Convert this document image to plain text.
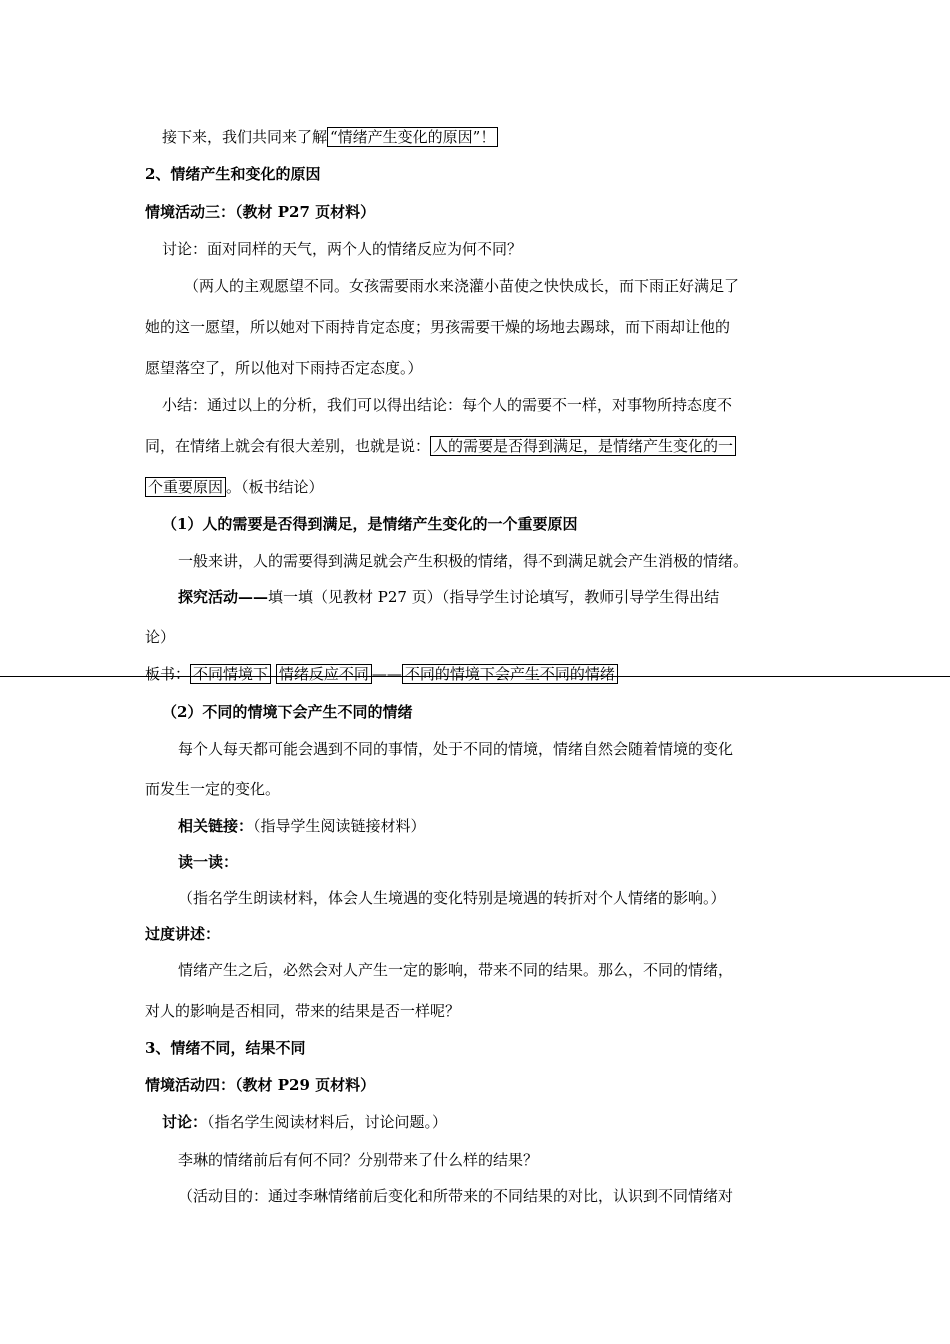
接下来，我们共同来了解 “情绪产生变化的原因”！
2、情绪产生和变化的原因
情境活动三：（教材 P27 页材料）
讨论：面对同样的天气，两个人的情绪反应为何不同？
（两人的主观愿望不同。女孩需要雨水来浇灌小苗使之快快成长，而下雨正好满足了
她的这一愿望，所以她对下雨持肯定态度；男孩需要干燥的场地去踢球，而下雨却让他的
愿望落空了，所以他对下雨持否定态度。）
小结：通过以上的分析，我们可以得出结论：每个人的需要不一样，对事物所持态度不
同，在情绪上就会有很大差别，也就是说： 人的需要是否得到满足，是情绪产生变化的一
个重要原因 。（板书结论）
（1）人的需要是否得到满足，是情绪产生变化的一个重要原因
一般来讲，人的需要得到满足就会产生积极的情绪，得不到满足就会产生消极的情绪。
探究活动——填一填（见教材 P27 页）（指导学生讨论填写，教师引导学生得出结
论）
板书： 不同情境下 情绪反应不同 —— 不同的情境下会产生不同的情绪
（2）不同的情境下会产生不同的情绪
每个人每天都可能会遇到不同的事情，处于不同的情境，情绪自然会随着情境的变化
而发生一定的变化。
相关链接：（指导学生阅读链接材料）
读一读：
（指名学生朗读材料，体会人生境遇的变化特别是境遇的转折对个人情绪的影响。）
过度讲述：
情绪产生之后，必然会对人产生一定的影响，带来不同的结果。那么，不同的情绪，
对人的影响是否相同，带来的结果是否一样呢？
3、情绪不同，结果不同
情境活动四：（教材 P29 页材料）
讨论：（指名学生阅读材料后，讨论问题。）
李琳的情绪前后有何不同？分别带来了什么样的结果？
（活动目的：通过李琳情绪前后变化和所带来的不同结果的对比，认识到不同情绪对
